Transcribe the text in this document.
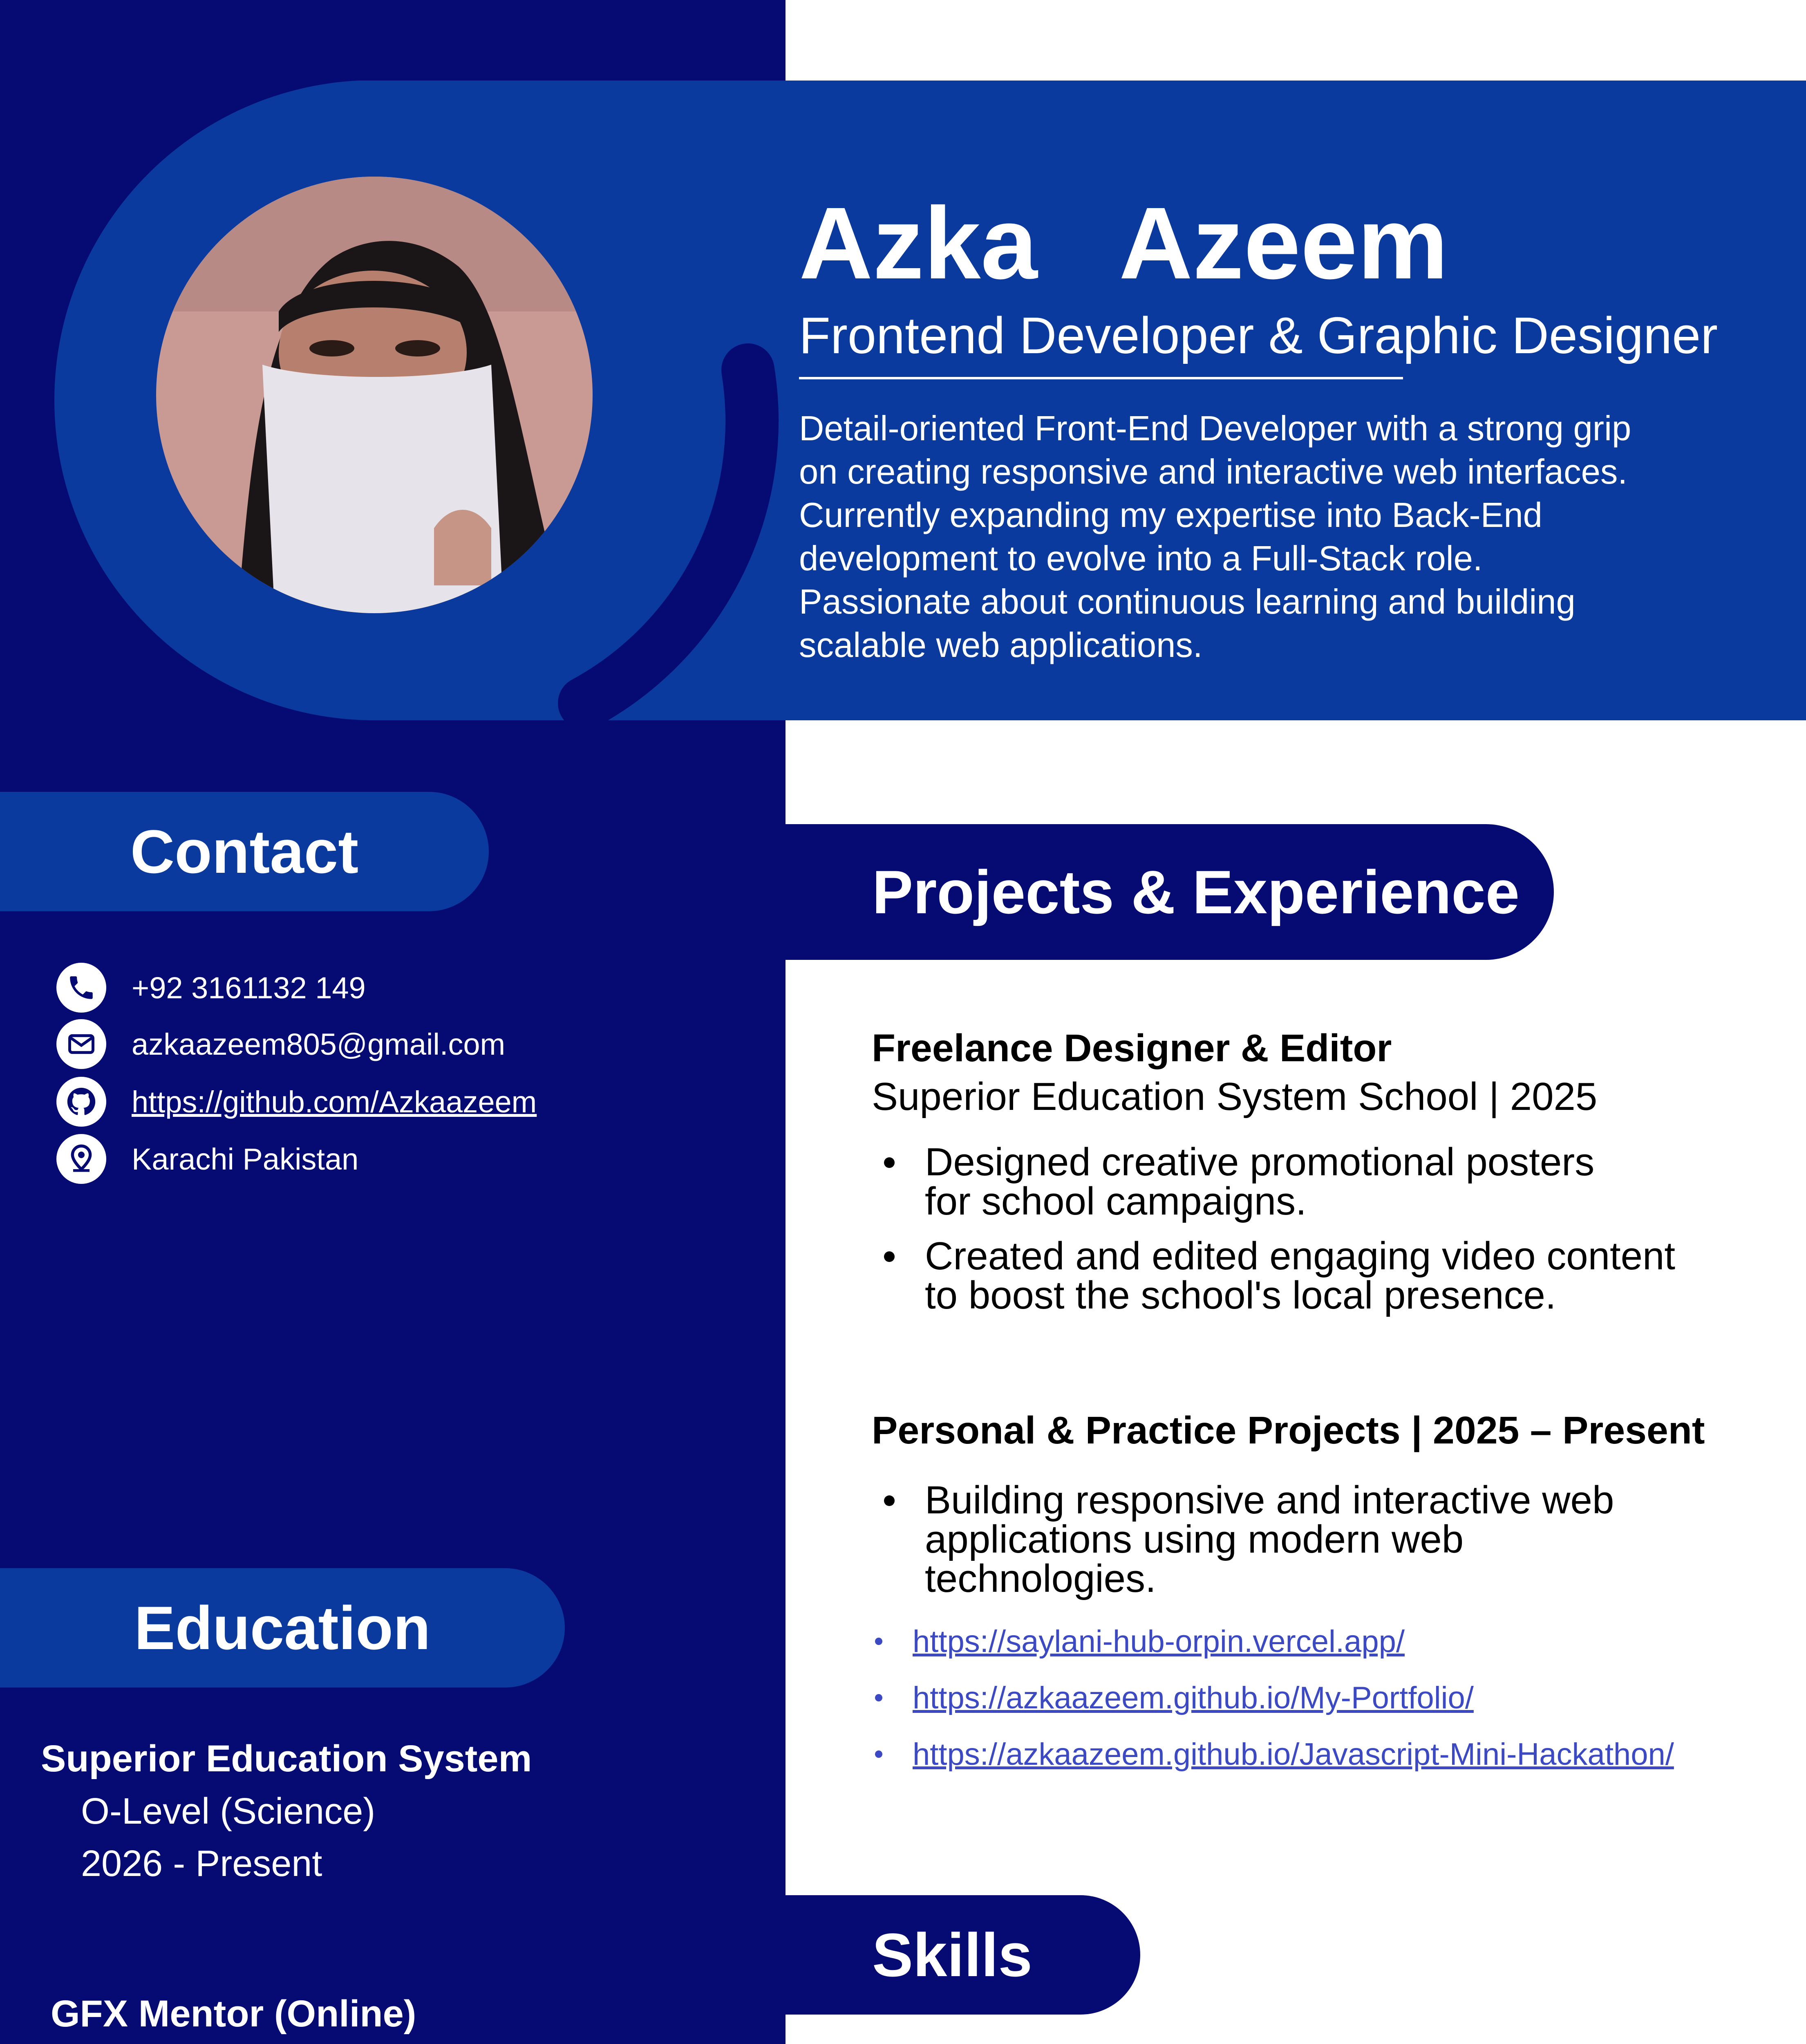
Azka Azeem
Frontend Developer & Graphic Designer
Detail-oriented Front-End Developer with a strong grip
on creating responsive and interactive web interfaces.
Currently expanding my expertise into Back-End
development to evolve into a Full-Stack role.
Passionate about continuous learning and building
scalable web applications.
Contact
+92 3161132 149
azkaazeem805@gmail.com
https://github.com/Azkaazeem
Karachi Pakistan
Education
Superior Education System
O-Level (Science)
2026 - Present
GFX Mentor (Online)
Projects & Experience
Freelance Designer & Editor
Superior Education System School | 2025
Designed creative promotional posters
for school campaigns.
Created and edited engaging video content
to boost the school's local presence.
Personal & Practice Projects | 2025 – Present
Building responsive and interactive web
applications using modern web
technologies.
https://saylani-hub-orpin.vercel.app/
https://azkaazeem.github.io/My-Portfolio/
https://azkaazeem.github.io/Javascript-Mini-Hackathon/
Skills
